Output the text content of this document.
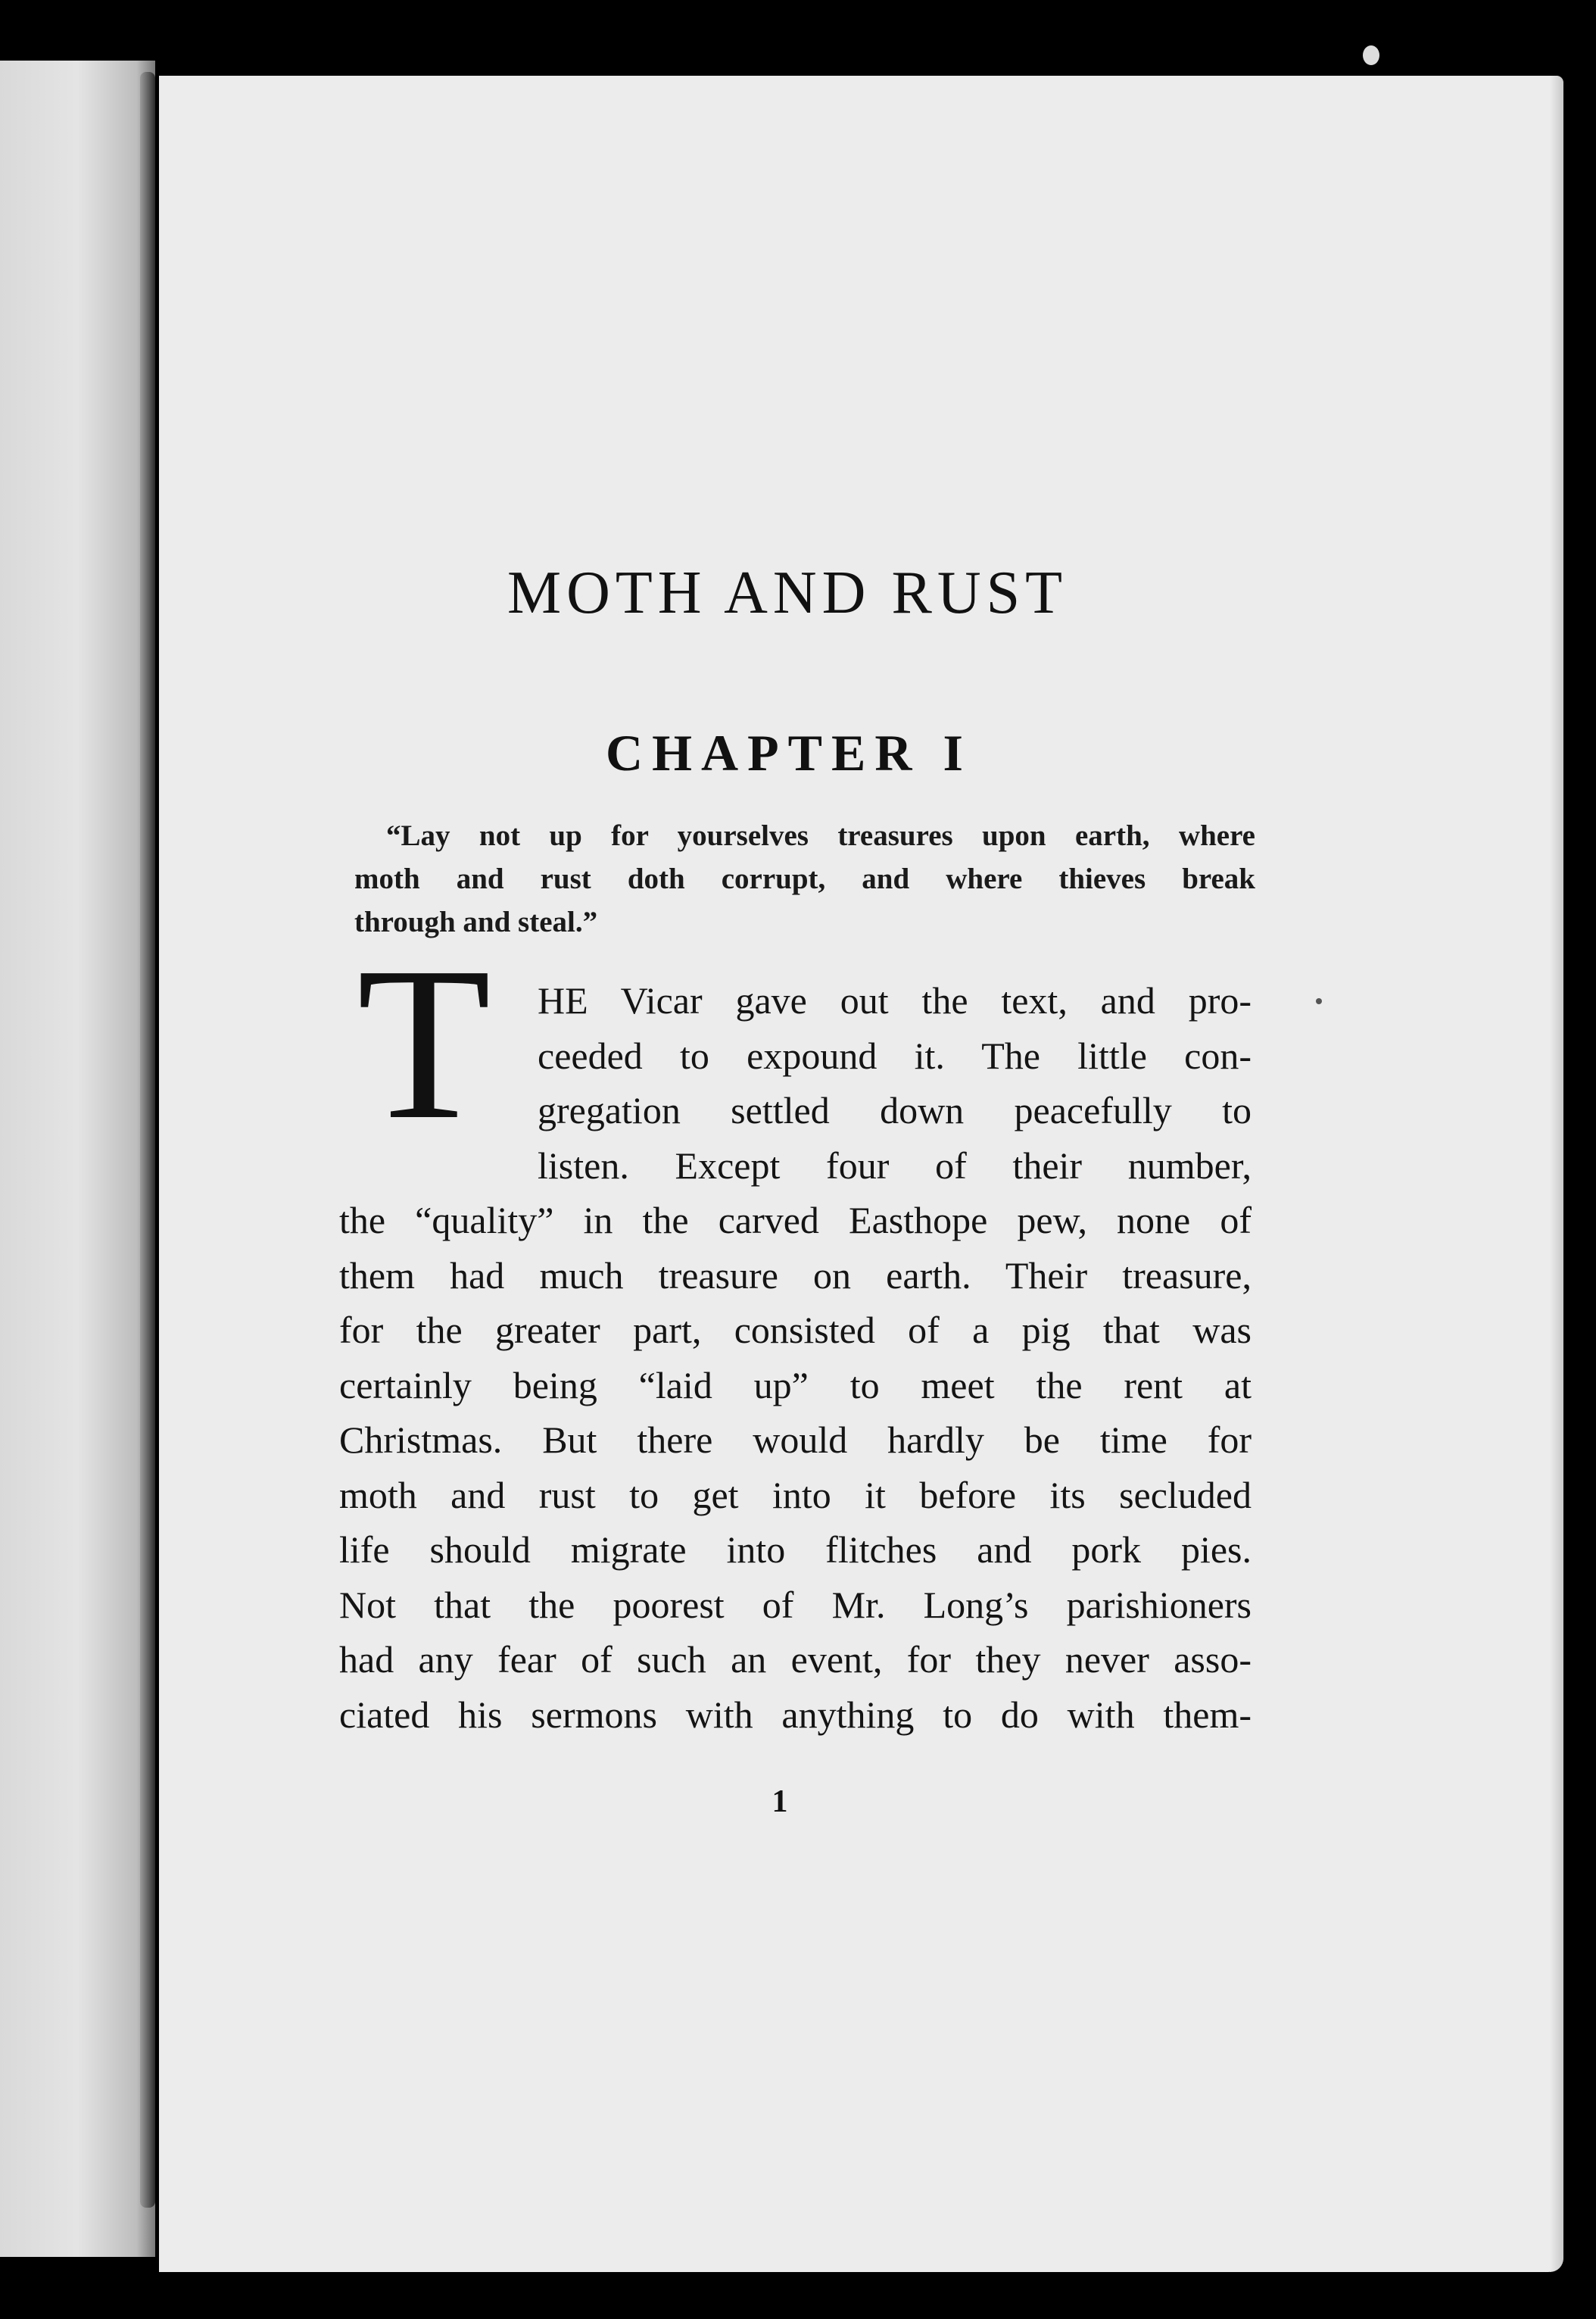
MOTH AND RUST
CHAPTER I
“Lay not up for yourselves treasures upon earth, where
moth and rust doth corrupt, and where thieves break
through and steal.”
T	HE Vicar gave out the text, and pro-
ceeded to expound it. The little con-
gregation settled down peacefully to
listen. Except four of their number,
the “quality” in the carved Easthope pew, none of
them had much treasure on earth. Their treasure,
for the greater part, consisted of a pig that was
certainly being “laid up” to meet the rent at
Christmas. But there would hardly be time for
moth and rust to get into it before its secluded
life should migrate into flitches and pork pies.
Not that the poorest of Mr. Long’s parishioners
had any fear of such an event, for they never asso-
ciated his sermons with anything to do with them-
1
